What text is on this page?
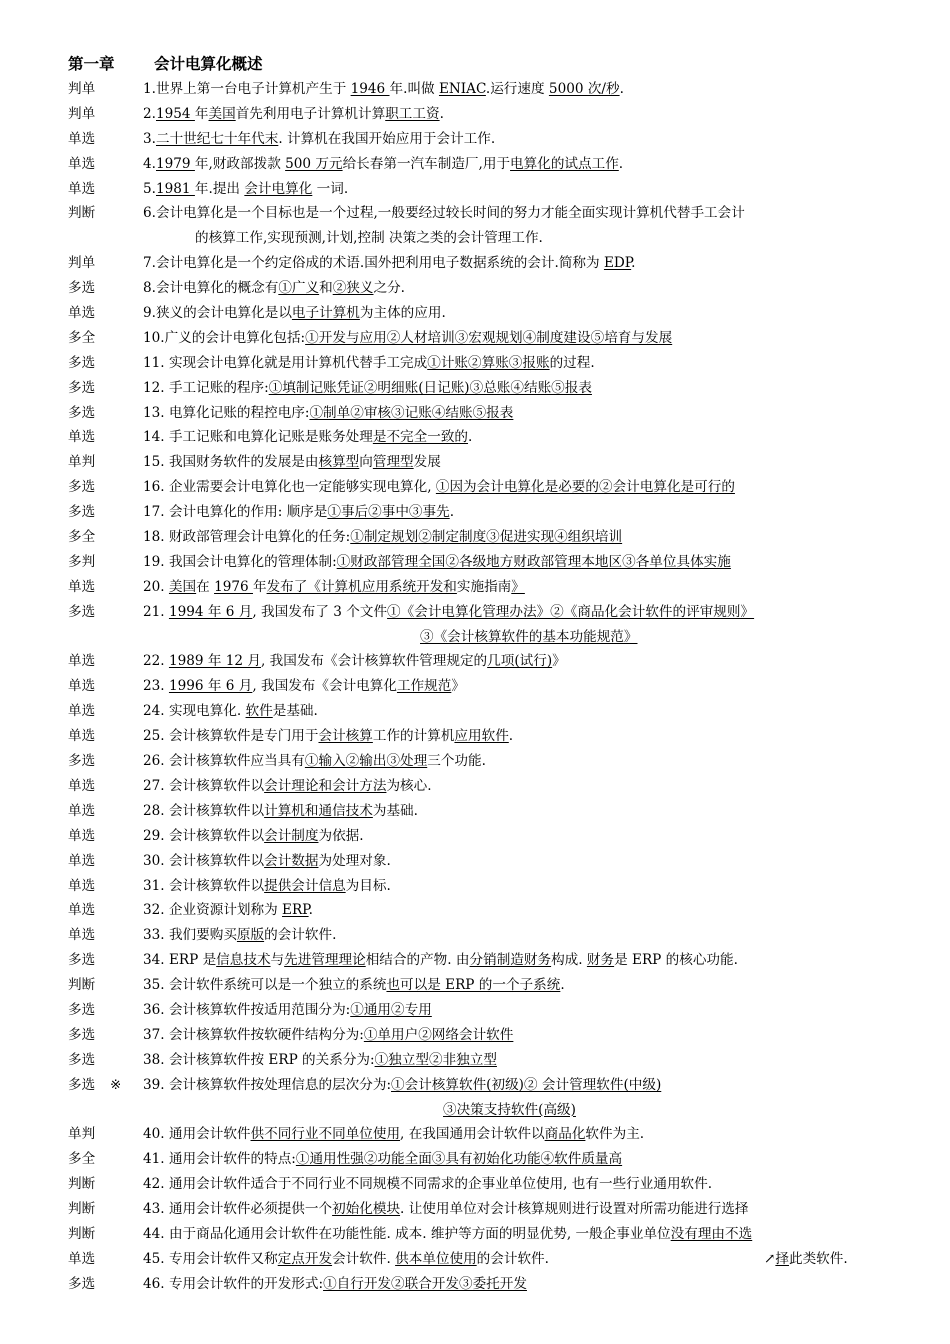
第一章	会计电算化概述
判单	1.世界上第一台电子计算机产生于 1946 年.叫做 ENIAC.运行速度 5000 次/秒.
判单	2.1954 年美国首先利用电子计算机计算职工工资.
单选	3.二十世纪七十年代末. 计算机在我国开始应用于会计工作.
单选	4.1979 年,财政部拨款 500 万元给长春第一汽车制造厂,用于电算化的试点工作.
单选	5.1981 年.提出 会计电算化 一词.
判断	6.会计电算化是一个目标也是一个过程,一般要经过较长时间的努力才能全面实现计算机代替手工会计
的核算工作,实现预测,计划,控制 决策之类的会计管理工作.
判单	7.会计电算化是一个约定俗成的术语.国外把利用电子数据系统的会计.简称为 EDP.
多选	8.会计电算化的概念有①广义和②狭义之分.
单选	9.狭义的会计电算化是以电子计算机为主体的应用.
多全	10.广义的会计电算化包括:①开发与应用②人材培训③宏观规划④制度建设⑤培育与发展
多选	11. 实现会计电算化就是用计算机代替手工完成①计账②算账③报账的过程.
多选	12. 手工记账的程序:①填制记账凭证②明细账(日记账)③总账④结账⑤报表
多选	13. 电算化记账的程控电序:①制单②审核③记账④结账⑤报表
单选	14. 手工记账和电算化记账是账务处理是不完全一致的.
单判	15. 我国财务软件的发展是由核算型向管理型发展
多选	16. 企业需要会计电算化也一定能够实现电算化, ①因为会计电算化是必要的②会计电算化是可行的
多选	17. 会计电算化的作用: 顺序是①事后②事中③事先.
多全	18. 财政部管理会计电算化的任务:①制定规划②制定制度③促进实现④组织培训
多判	19. 我国会计电算化的管理体制:①财政部管理全国②各级地方财政部管理本地区③各单位具体实施
单选	20. 美国在 1976 年发布了《计算机应用系统开发和实施指南》
多选	21. 1994 年 6 月, 我国发布了 3 个文件①《会计电算化管理办法》②《商品化会计软件的评审规则》
③《会计核算软件的基本功能规范》
单选	22. 1989 年 12 月, 我国发布《会计核算软件管理规定的几项(试行)》
单选	23. 1996 年 6 月, 我国发布《会计电算化工作规范》
单选	24. 实现电算化. 软件是基础.
单选	25. 会计核算软件是专门用于会计核算工作的计算机应用软件.
多选	26. 会计核算软件应当具有①输入②输出③处理三个功能.
单选	27. 会计核算软件以会计理论和会计方法为核心.
单选	28. 会计核算软件以计算机和通信技术为基础.
单选	29. 会计核算软件以会计制度为依据.
单选	30. 会计核算软件以会计数据为处理对象.
单选	31. 会计核算软件以提供会计信息为目标.
单选	32. 企业资源计划称为 ERP.
单选	33. 我们要购买原版的会计软件.
多选	34. ERP 是信息技术与先进管理理论相结合的产物. 由分销制造财务构成. 财务是 ERP 的核心功能.
判断	35. 会计软件系统可以是一个独立的系统也可以是 ERP 的一个子系统.
多选	36. 会计核算软件按适用范围分为:①通用②专用
多选	37. 会计核算软件按软硬件结构分为:①单用户②网络会计软件
多选	38. 会计核算软件按 ERP 的关系分为:①独立型②非独立型
多选 ※ 39. 会计核算软件按处理信息的层次分为:①会计核算软件(初级)② 会计管理软件(中级)
③决策支持软件(高级)
单判	40. 通用会计软件供不同行业不同单位使用, 在我国通用会计软件以商品化软件为主.
多全	41. 通用会计软件的特点:①通用性强②功能全面③具有初始化功能④软件质量高
判断	42. 通用会计软件适合于不同行业不同规模不同需求的企事业单位使用, 也有一些行业通用软件.
判断	43. 通用会计软件必须提供一个初始化模块. 让使用单位对会计核算规则进行设置对所需功能进行选择
判断	44. 由于商品化通用会计软件在功能性能. 成本. 维护等方面的明显优势, 一般企事业单位没有理由不选
单选	45. 专用会计软件又称定点开发会计软件. 供本单位使用的会计软件.	↗择此类软件.
多选	46. 专用会计软件的开发形式:①自行开发②联合开发③委托开发
